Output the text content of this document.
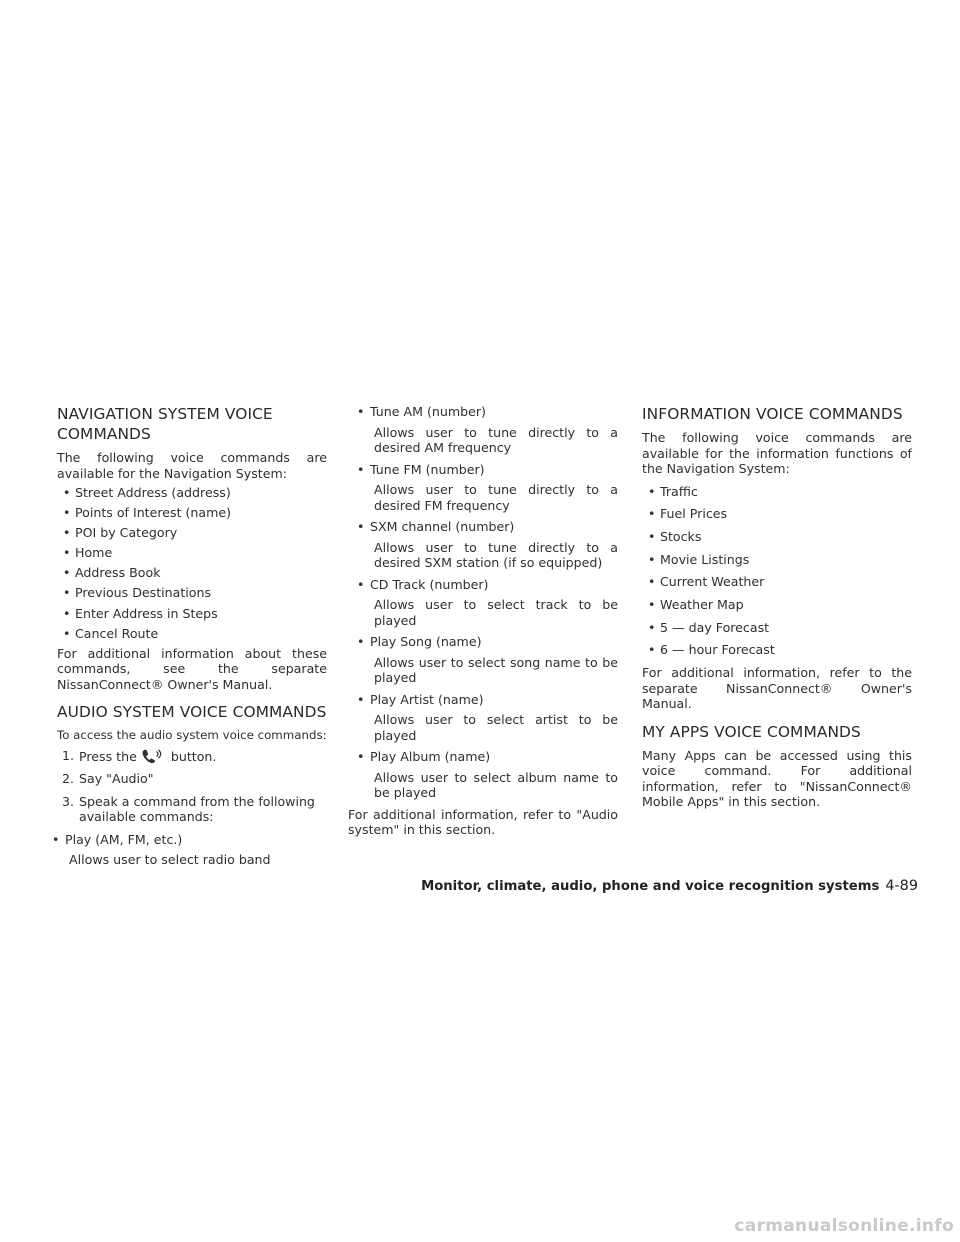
NAVIGATION SYSTEM VOICE
COMMANDS

The following voice commands are available for the Navigation System:

• Street Address (address)
• Points of Interest (name)
• POI by Category
• Home
• Address Book
• Previous Destinations
• Enter Address in Steps
• Cancel Route

For additional information about these commands, see the separate NissanConnect® Owner's Manual.

AUDIO SYSTEM VOICE COMMANDS

To access the audio system voice commands:

1. Press the	button.
2. Say "Audio"
3. Speak a command from the following available commands:
• Play (AM, FM, etc.)
Allows user to select radio band
• Tune AM (number)
Allows user to tune directly to a desired AM frequency
• Tune FM (number)
Allows user to tune directly to a desired FM frequency
• SXM channel (number)
Allows user to tune directly to a desired SXM station (if so equipped)
• CD Track (number)
Allows user to select track to be played
• Play Song (name)
Allows user to select song name to be played
• Play Artist (name)
Allows user to select artist to be played
• Play Album (name)
Allows user to select album name to be played

For additional information, refer to "Audio system" in this section.

INFORMATION VOICE COMMANDS

The following voice commands are available for the information functions of the Navigation System:

• Traffic
• Fuel Prices
• Stocks
• Movie Listings
• Current Weather
• Weather Map
• 5 — day Forecast
• 6 — hour Forecast

For additional information, refer to the separate NissanConnect® Owner's Manual.

MY APPS VOICE COMMANDS

Many Apps can be accessed using this voice command. For additional information, refer to "NissanConnect® Mobile Apps" in this section.

Monitor, climate, audio, phone and voice recognition systems 4-89
carmanualsonline.info
